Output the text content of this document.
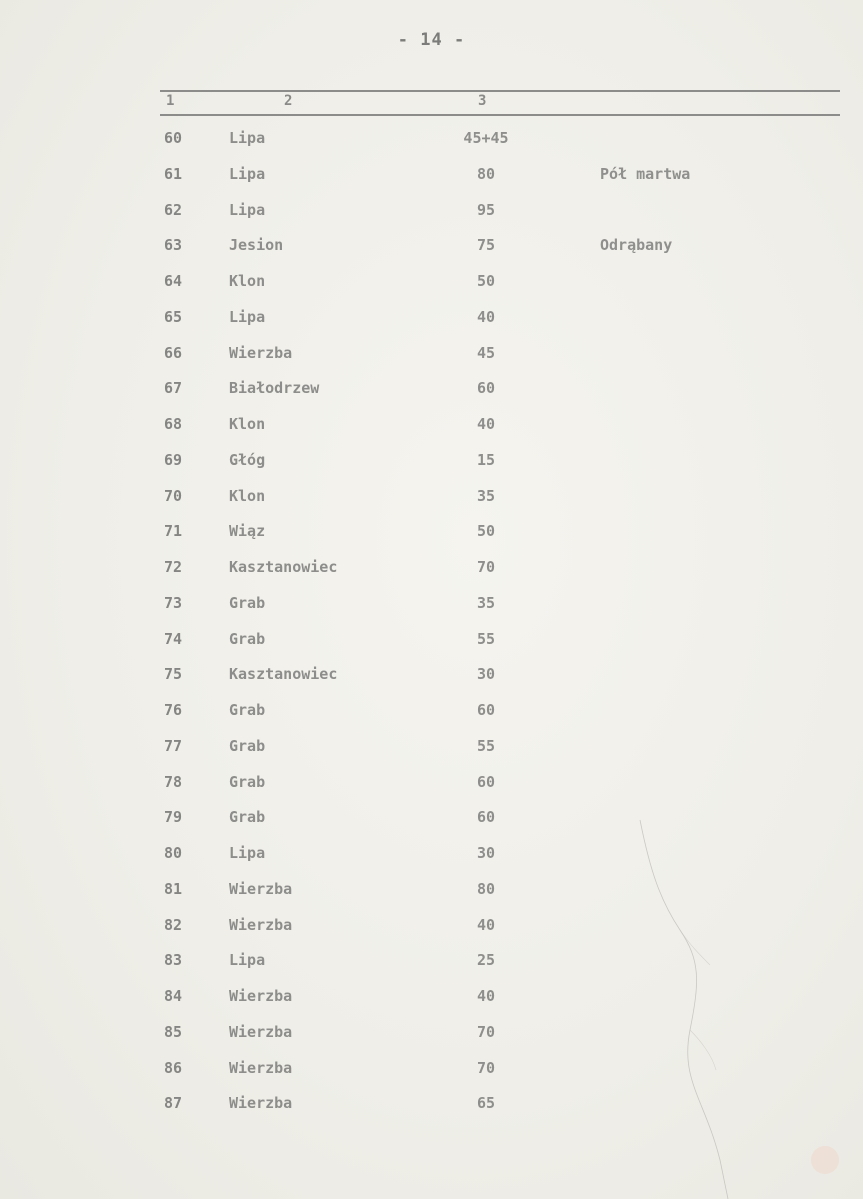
- 14 -
1	2	3
60	Lipa	45+45
61	Lipa	80	Pół martwa
62	Lipa	95
63	Jesion	75	Odrąbany
64	Klon	50
65	Lipa	40
66	Wierzba	45
67	Białodrzew	60
68	Klon	40
69	Głóg	15
70	Klon	35
71	Wiąz	50
72	Kasztanowiec	70
73	Grab	35
74	Grab	55
75	Kasztanowiec	30
76	Grab	60
77	Grab	55
78	Grab	60
79	Grab	60
80	Lipa	30
81	Wierzba	80
82	Wierzba	40
83	Lipa	25
84	Wierzba	40
85	Wierzba	70
86	Wierzba	70
87	Wierzba	65
